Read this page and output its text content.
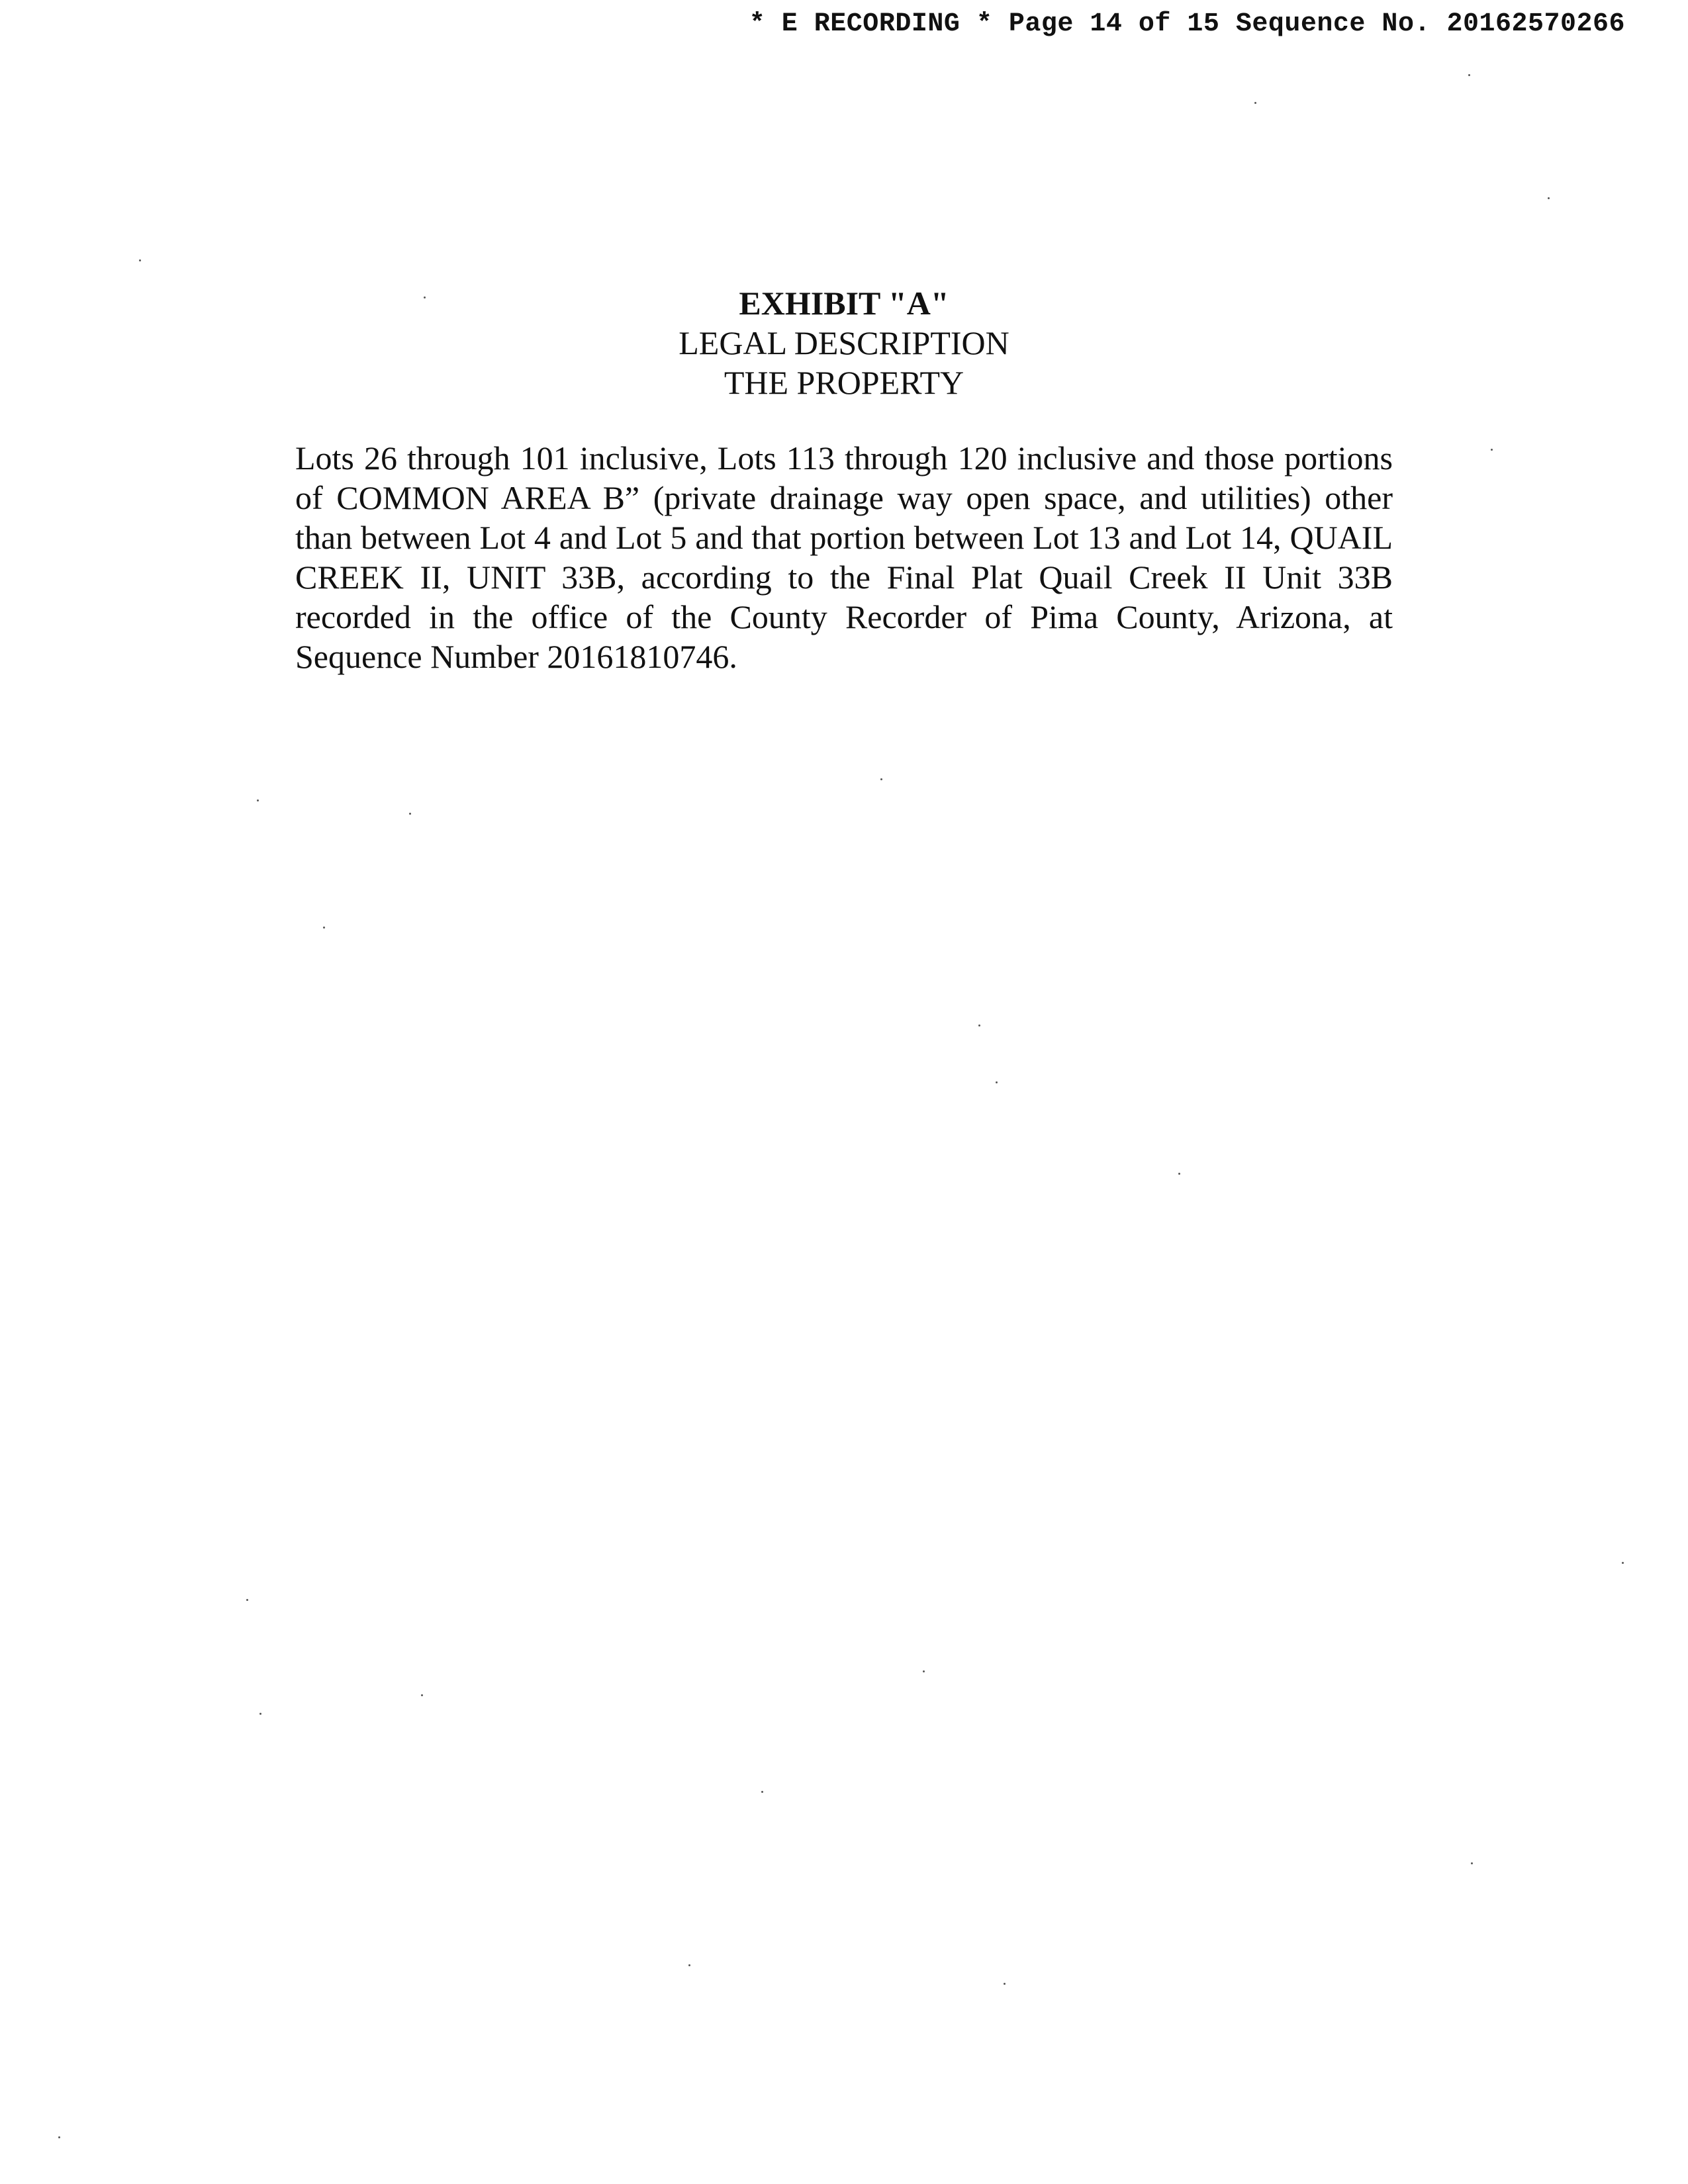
* E RECORDING * Page 14 of 15 Sequence No. 20162570266
EXHIBIT "A"
LEGAL DESCRIPTION
THE PROPERTY

Lots 26 through 101 inclusive, Lots 113 through 120 inclusive and those portions of COMMON AREA B” (private drainage way open space, and utilities) other than between Lot 4 and Lot 5 and that portion between Lot 13 and Lot 14, QUAIL CREEK II, UNIT 33B, according to the Final Plat Quail Creek II Unit 33B recorded in the office of the County Recorder of Pima County, Arizona, at Sequence Number 20161810746.
